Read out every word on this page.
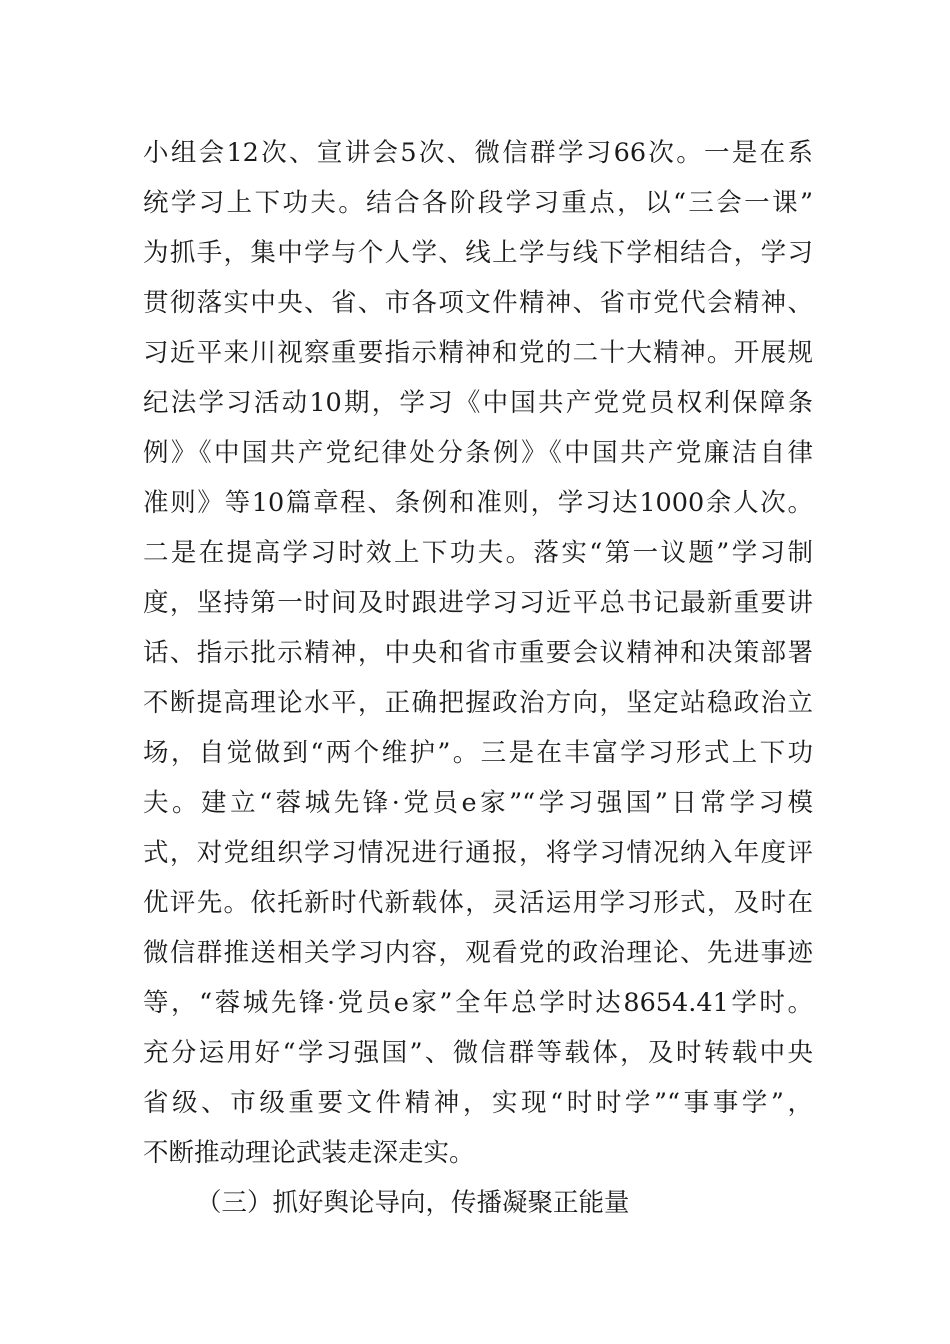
小组会12次、宣讲会5次、微信群学习66次。一是在系
统学习上下功夫。结合各阶段学习重点，以“三会一课”
为抓手，集中学与个人学、线上学与线下学相结合，学习
贯彻落实中央、省、市各项文件精神、省市党代会精神、
习近平来川视察重要指示精神和党的二十大精神。开展规
纪法学习活动10期，学习《中国共产党党员权利保障条
例》《中国共产党纪律处分条例》《中国共产党廉洁自律
准则》等10篇章程、条例和准则，学习达1000余人次。
二是在提高学习时效上下功夫。落实“第一议题”学习制
度，坚持第一时间及时跟进学习习近平总书记最新重要讲
话、指示批示精神，中央和省市重要会议精神和决策部署
不断提高理论水平，正确把握政治方向，坚定站稳政治立
场，自觉做到“两个维护”。三是在丰富学习形式上下功
夫。建立“蓉城先锋·党员e家”“学习强国”日常学习模
式，对党组织学习情况进行通报，将学习情况纳入年度评
优评先。依托新时代新载体，灵活运用学习形式，及时在
微信群推送相关学习内容，观看党的政治理论、先进事迹
等，“蓉城先锋·党员e家”全年总学时达8654.41学时。
充分运用好“学习强国”、微信群等载体，及时转载中央
省级、市级重要文件精神，实现“时时学”“事事学”，
不断推动理论武装走深走实。
（三）抓好舆论导向，传播凝聚正能量
